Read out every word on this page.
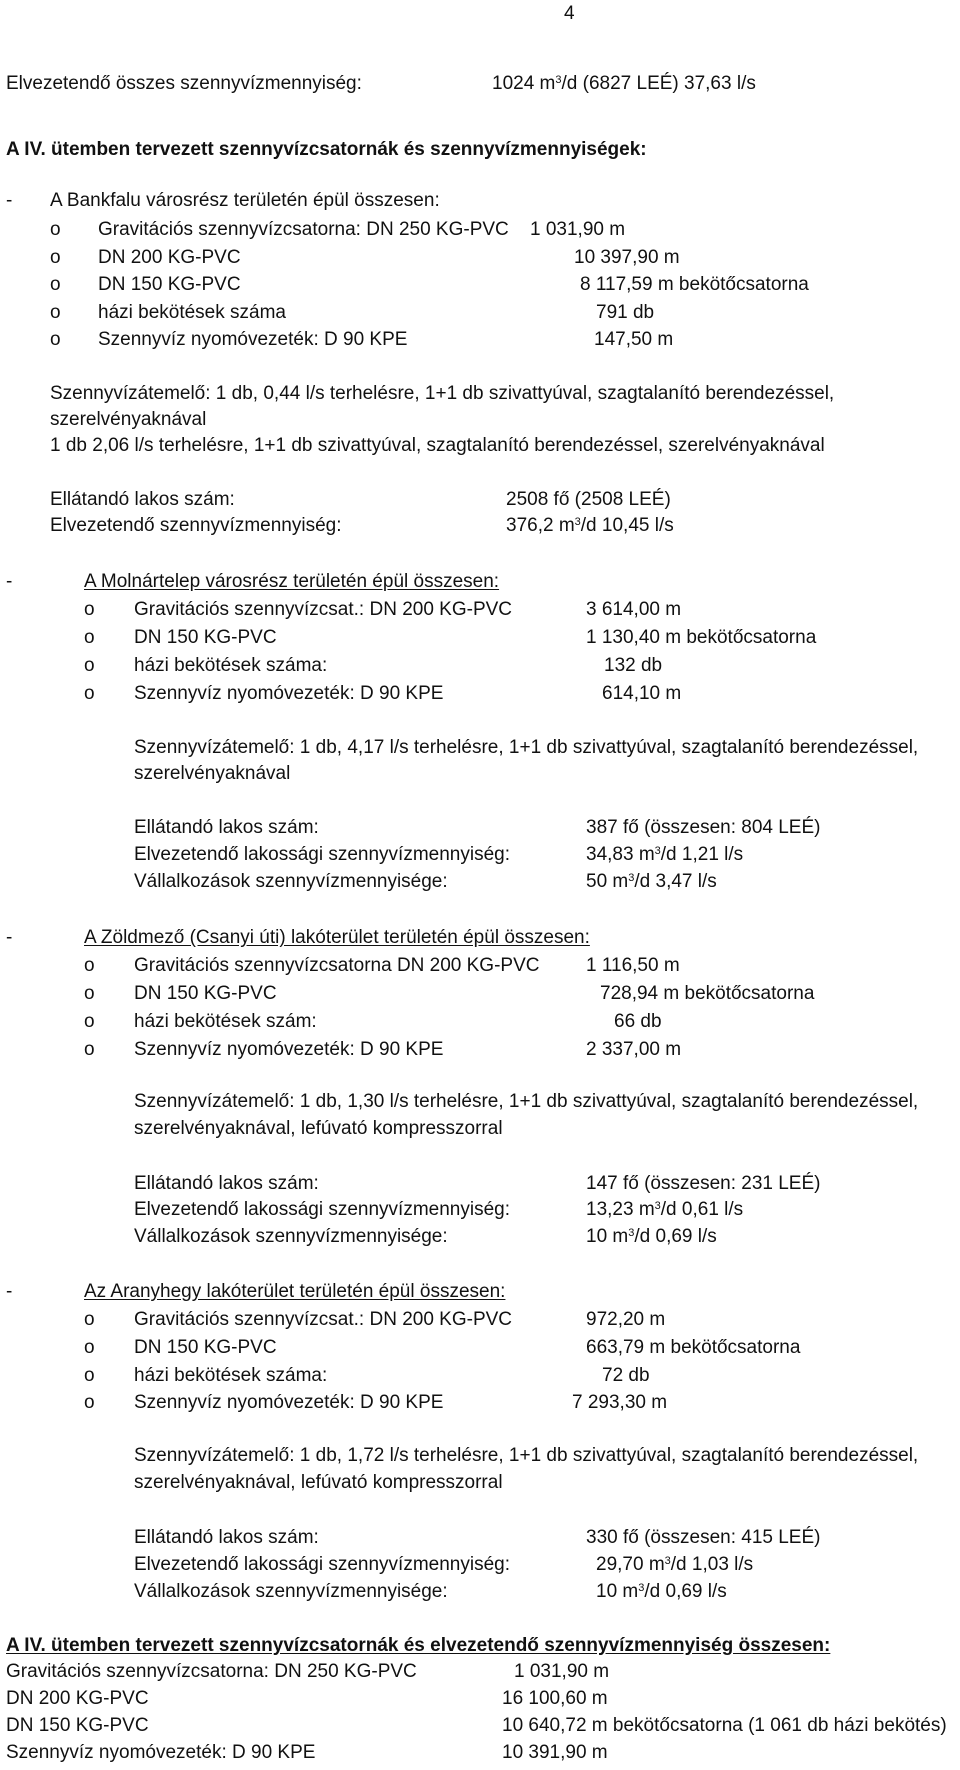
4
Elvezetendő összes szennyvízmennyiség:	1024 $m^3/d$ (6827 LEÉ) 37,63 l/s
A IV. ütemben tervezett szennyvízcsatornák és szennyvízmennyiségek:
- A Bankfalu városrész területén épül összesen:
o Gravitációs szennyvízcsatorna: DN 250 KG-PVC 1 031,90 m
o DN 200 KG-PVC	10 397,90 m
o DN 150 KG-PVC	8 117,59 m bekötőcsatorna
o házi bekötések száma	791 db
o Szennyvíz nyomóvezeték: D 90 KPE	147,50 m
Szennyvízátemelő: 1 db, 0,44 l/s terhelésre, 1+1 db szivattyúval, szagtalanító berendezéssel,
szerelvényaknával
1 db 2,06 l/s terhelésre, 1+1 db szivattyúval, szagtalanító berendezéssel, szerelvényaknával
Ellátandó lakos szám:	2508 fő (2508 LEÉ)
Elvezetendő szennyvízmennyiség:	376,2 $m^3/d$ 10,45 l/s
-	A Molnártelep városrész területén épül összesen:
o Gravitációs szennyvízcsat.: DN 200 KG-PVC	3 614,00 m
o DN 150 KG-PVC	1 130,40 m bekötőcsatorna
o házi bekötések száma:	132 db
o Szennyvíz nyomóvezeték: D 90 KPE	614,10 m
Szennyvízátemelő: 1 db, 4,17 l/s terhelésre, 1+1 db szivattyúval, szagtalanító berendezéssel,
szerelvényaknával
Ellátandó lakos szám:	387 fő (összesen: 804 LEÉ)
Elvezetendő lakossági szennyvízmennyiség:	34,83 $m^3/d$ 1,21 l/s
Vállalkozások szennyvízmennyisége:	50 $m^3/d$ 3,47 l/s
-	A Zöldmező (Csanyi úti) lakóterület területén épül összesen:
o Gravitációs szennyvízcsatorna DN 200 KG-PVC 1 116,50 m
o DN 150 KG-PVC	728,94 m bekötőcsatorna
o házi bekötések szám:	66 db
o Szennyvíz nyomóvezeték: D 90 KPE	2 337,00 m
Szennyvízátemelő: 1 db, 1,30 l/s terhelésre, 1+1 db szivattyúval, szagtalanító berendezéssel,
szerelvényaknával, lefúvató kompresszorral
Ellátandó lakos szám:	147 fő (összesen: 231 LEÉ)
Elvezetendő lakossági szennyvízmennyiség:	13,23 $m^3/d$ 0,61 l/s
Vállalkozások szennyvízmennyisége:	10 $m^3/d$ 0,69 l/s
-	Az Aranyhegy lakóterület területén épül összesen:
o Gravitációs szennyvízcsat.: DN 200 KG-PVC	972,20 m
o DN 150 KG-PVC	663,79 m bekötőcsatorna
o házi bekötések száma:	72 db
o Szennyvíz nyomóvezeték: D 90 KPE	7 293,30 m
Szennyvízátemelő: 1 db, 1,72 l/s terhelésre, 1+1 db szivattyúval, szagtalanító berendezéssel,
szerelvényaknával, lefúvató kompresszorral
Ellátandó lakos szám:	330 fő (összesen: 415 LEÉ)
Elvezetendő lakossági szennyvízmennyiség:	29,70 $m^3/d$ 1,03 l/s
Vállalkozások szennyvízmennyisége:	10 $m^3/d$ 0,69 l/s
A IV. ütemben tervezett szennyvízcsatornák és elvezetendő szennyvízmennyiség összesen:
Gravitációs szennyvízcsatorna: DN 250 KG-PVC	1 031,90 m
DN 200 KG-PVC	16 100,60 m
DN 150 KG-PVC	10 640,72 m bekötőcsatorna (1 061 db házi bekötés)
Szennyvíz nyomóvezeték: D 90 KPE	10 391,90 m
